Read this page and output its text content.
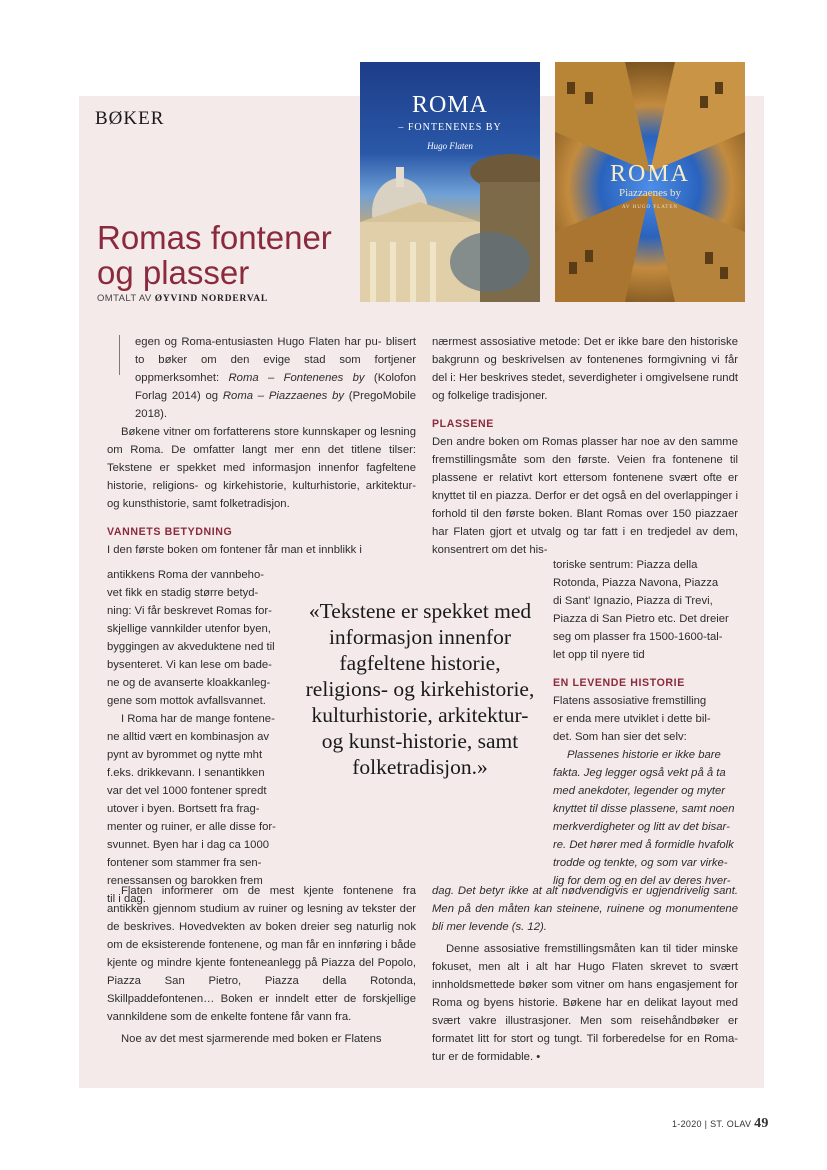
BØKER
ROMA
– FONTENENES BY
Hugo Flaten
ROMA
Piazzaenes by
AV HUGO FLATEN
Romas fontener
og plasser
OMTALT AV ØYVIND NORDERVAL

egen og Roma-entusiasten Hugo Flaten har pu- blisert to bøker om den evige stad som fortjener oppmerksomhet: Roma – Fontenenes by (Kolofon Forlag 2014) og Roma – Piazzaenes by (PregoMobile 2018).

Bøkene vitner om forfatterens store kunnskaper og lesning om Roma. De omfatter langt mer enn det titlene tilser: Tekstene er spekket med informasjon innenfor fagfeltene historie, religions- og kirkehistorie, kulturhistorie, arkitektur- og kunsthistorie, samt folketradisjon.

VANNETS BETYDNING

I den første boken om fontener får man et innblikk i

antikkens Roma der vannbeho-
vet fikk en stadig større betyd-
ning: Vi får beskrevet Romas for-
skjellige vannkilder utenfor byen,
byggingen av akveduktene ned til
bysenteret. Vi kan lese om bade-
ne og de avanserte kloakkanleg-
gene som mottok avfallsvannet.
I Roma har de mange fontene-
ne alltid vært en kombinasjon av
pynt av byrommet og nytte mht
f.eks. drikkevann. I senantikken
var det vel 1000 fontener spredt
utover i byen. Bortsett fra frag-
menter og ruiner, er alle disse for-
svunnet. Byen har i dag ca 1000
fontener som stammer fra sen-
renessansen og barokken frem
til i dag.

Flaten informerer om de mest kjente fontenene fra antikken gjennom studium av ruiner og lesning av tekster der de beskrives. Hovedvekten av boken dreier seg naturlig nok om de eksisterende fontenene, og man får en innføring i både kjente og mindre kjente fonteneanlegg på Piazza del Popolo, Piazza San Pietro, Piazza della Rotonda, Skillpaddefontenen… Boken er inndelt etter de forskjellige vannkildene som de enkelte fontene får vann fra.

Noe av det mest sjarmerende med boken er Flatens

«Tekstene er spekket med informasjon innenfor fagfeltene historie, religions- og kirkehistorie, kulturhistorie, arkitektur- og kunst-historie, samt folketradisjon.»

nærmest assosiative metode: Det er ikke bare den historiske bakgrunn og beskrivelsen av fontenenes formgivning vi får del i: Her beskrives stedet, severdigheter i omgivelsene rundt og folkelige tradisjoner.

PLASSENE

Den andre boken om Romas plasser har noe av den samme fremstillingsmåte som den første. Veien fra fontenene til plassene er relativt kort ettersom fontenene svært ofte er knyttet til en piazza. Derfor er det også en del overlappinger i forhold til den første boken. Blant Romas over 150 piazzaer har Flaten gjort et utvalg og tar fatt i en tredjedel av dem, konsentrert om det his-

toriske sentrum: Piazza della
Rotonda, Piazza Navona, Piazza
di Sant' Ignazio, Piazza di Trevi,
Piazza di San Pietro etc. Det dreier
seg om plasser fra 1500-1600-tal-
let opp til nyere tid
EN LEVENDE HISTORIE
Flatens assosiative fremstilling
er enda mere utviklet i dette bil-
det. Som han sier det selv:
Plassenes historie er ikke bare
fakta. Jeg legger også vekt på å ta
med anekdoter, legender og myter
knyttet til disse plassene, samt noen
merkverdigheter og litt av det bisar-
re. Det hører med å formidle hvafolk
trodde og tenkte, og som var virke-
lig for dem og en del av deres hver-

dag. Det betyr ikke at alt nødvendigvis er ugjendrivelig sant. Men på den måten kan steinene, ruinene og monumentene bli mer levende (s. 12).

Denne assosiative fremstillingsmåten kan til tider minske fokuset, men alt i alt har Hugo Flaten skrevet to svært innholdsmettede bøker som vitner om hans engasjement for Roma og byens historie. Bøkene har en delikat layout med svært vakre illustrasjoner. Men som reisehåndbøker er formatet litt for stort og tungt. Til forberedelse for en Roma-tur er de formidable. •

1-2020 | ST. OLAV 49
